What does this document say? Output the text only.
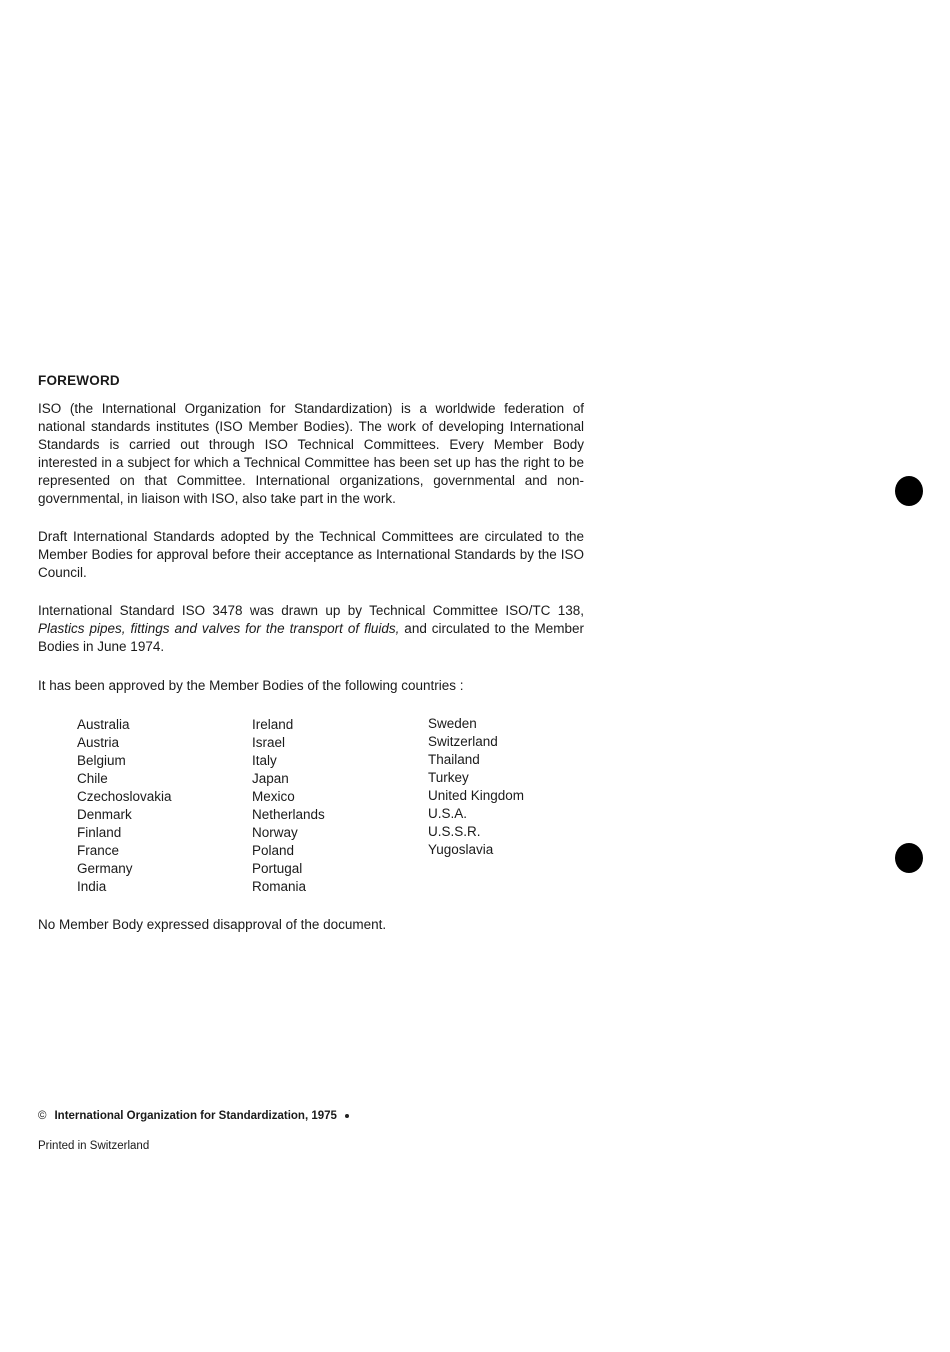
FOREWORD
ISO (the International Organization for Standardization) is a worldwide federation of national standards institutes (ISO Member Bodies). The work of developing International Standards is carried out through ISO Technical Committees. Every Member Body interested in a subject for which a Technical Committee has been set up has the right to be represented on that Committee. International organizations, governmental and non-governmental, in liaison with ISO, also take part in the work.
Draft International Standards adopted by the Technical Committees are circulated to the Member Bodies for approval before their acceptance as International Standards by the ISO Council.
International Standard ISO 3478 was drawn up by Technical Committee ISO/TC 138, Plastics pipes, fittings and valves for the transport of fluids, and circulated to the Member Bodies in June 1974.
It has been approved by the Member Bodies of the following countries :
Australia
Austria
Belgium
Chile
Czechoslovakia
Denmark
Finland
France
Germany
India
Ireland
Israel
Italy
Japan
Mexico
Netherlands
Norway
Poland
Portugal
Romania
Sweden
Switzerland
Thailand
Turkey
United Kingdom
U.S.A.
U.S.S.R.
Yugoslavia
No Member Body expressed disapproval of the document.
© International Organization for Standardization, 1975
Printed in Switzerland
